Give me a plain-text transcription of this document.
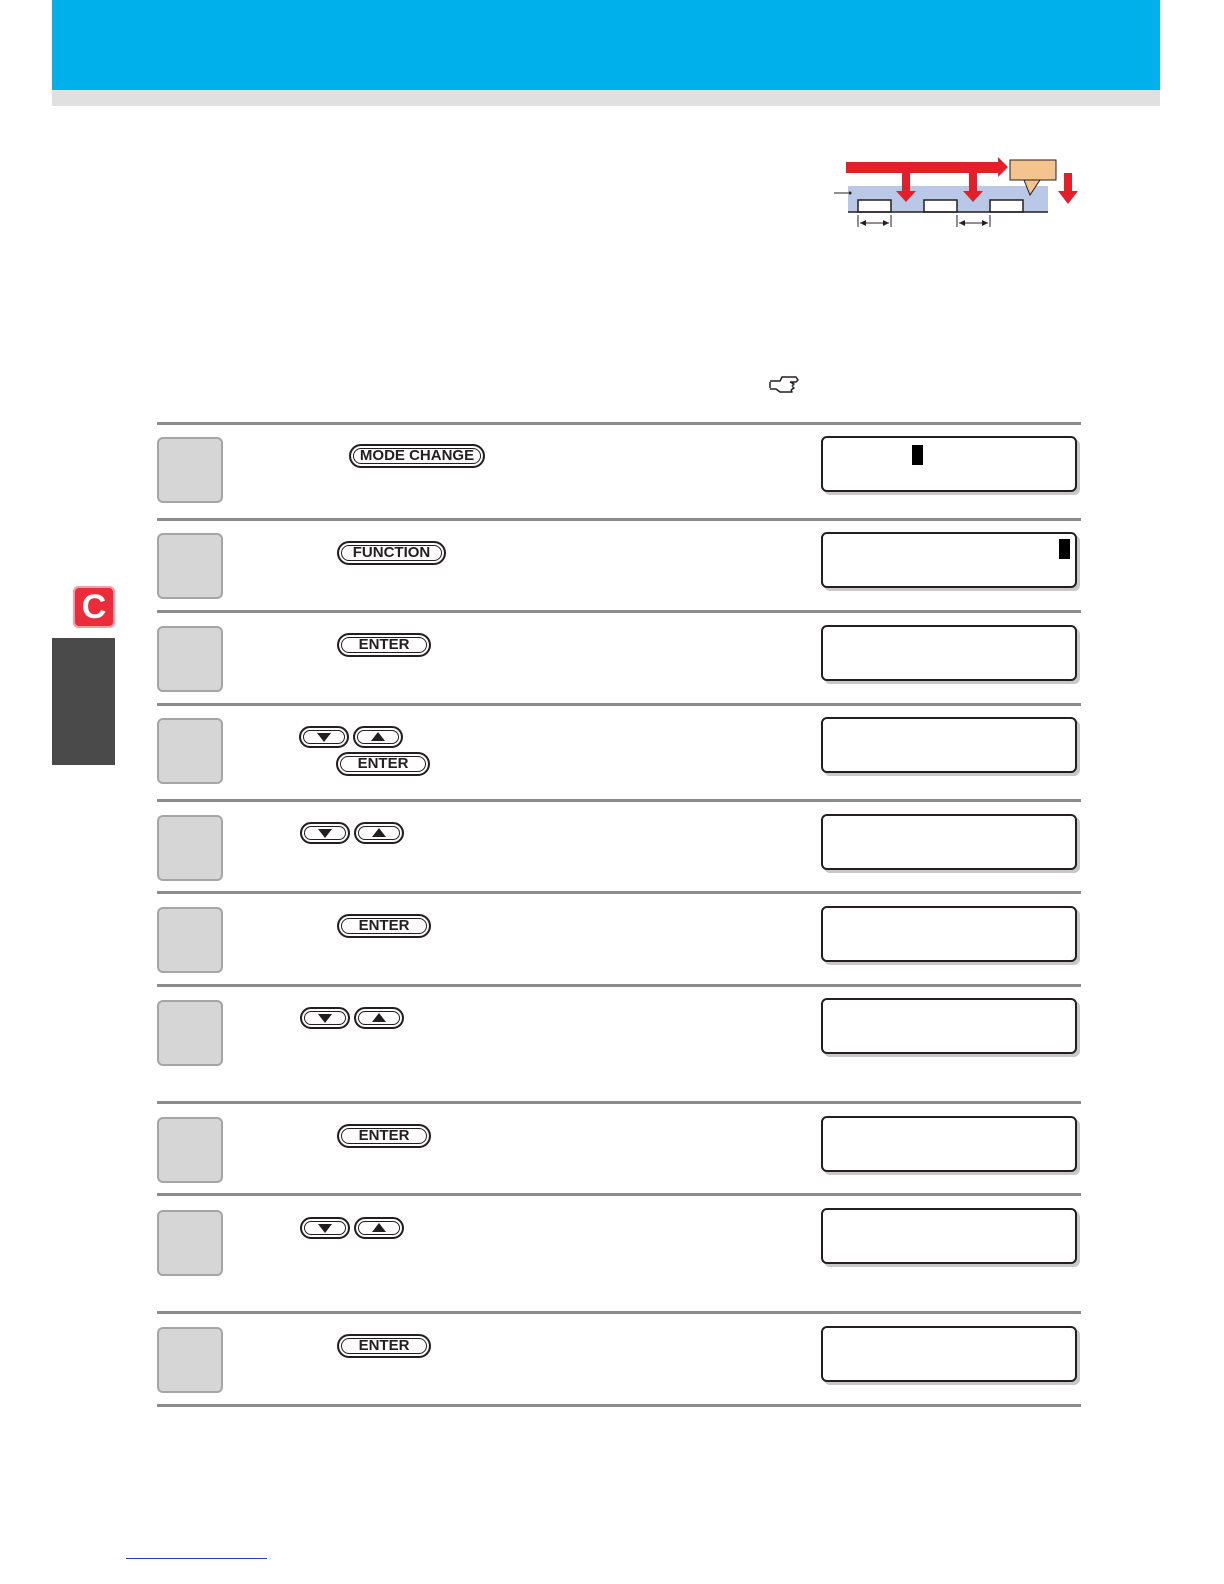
C
MODE CHANGE
FUNCTION
ENTER
ENTER
ENTER
ENTER
ENTER
